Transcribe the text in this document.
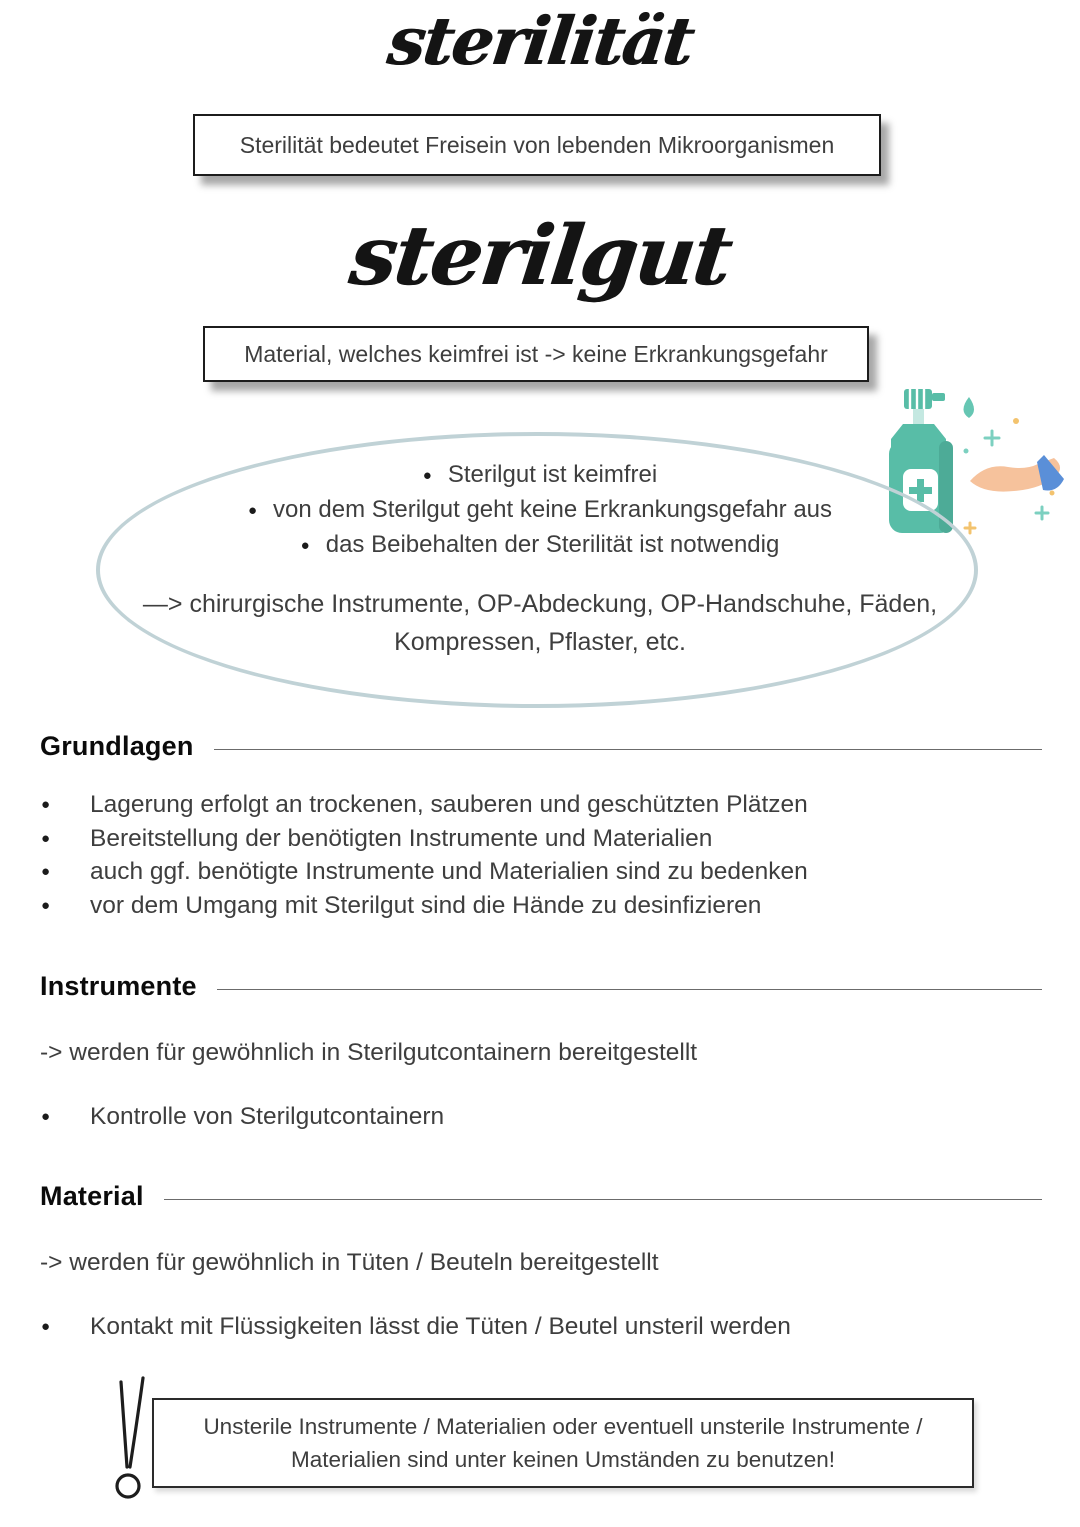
sterilität
Sterilität bedeutet Freisein von lebenden Mikroorganismen
sterilgut
Material, welches keimfrei ist -> keine Erkrankungsgefahr
● Sterilgut ist keimfrei
● von dem Sterilgut geht keine Erkrankungsgefahr aus
● das Beibehalten der Sterilität ist notwendig
—> chirurgische Instrumente, OP-Abdeckung, OP-Handschuhe, Fäden,
Kompressen, Pflaster, etc.
Grundlagen
● Lagerung erfolgt an trockenen, sauberen und geschützten Plätzen
● Bereitstellung der benötigten Instrumente und Materialien
● auch ggf. benötigte Instrumente und Materialien sind zu bedenken
● vor dem Umgang mit Sterilgut sind die Hände zu desinfizieren
Instrumente
-> werden für gewöhnlich in Sterilgutcontainern bereitgestellt
● Kontrolle von Sterilgutcontainern
Material
-> werden für gewöhnlich in Tüten / Beuteln bereitgestellt
● Kontakt mit Flüssigkeiten lässt die Tüten / Beutel unsteril werden
Unsterile Instrumente / Materialien oder eventuell unsterile Instrumente / Materialien sind unter keinen Umständen zu benutzen!
